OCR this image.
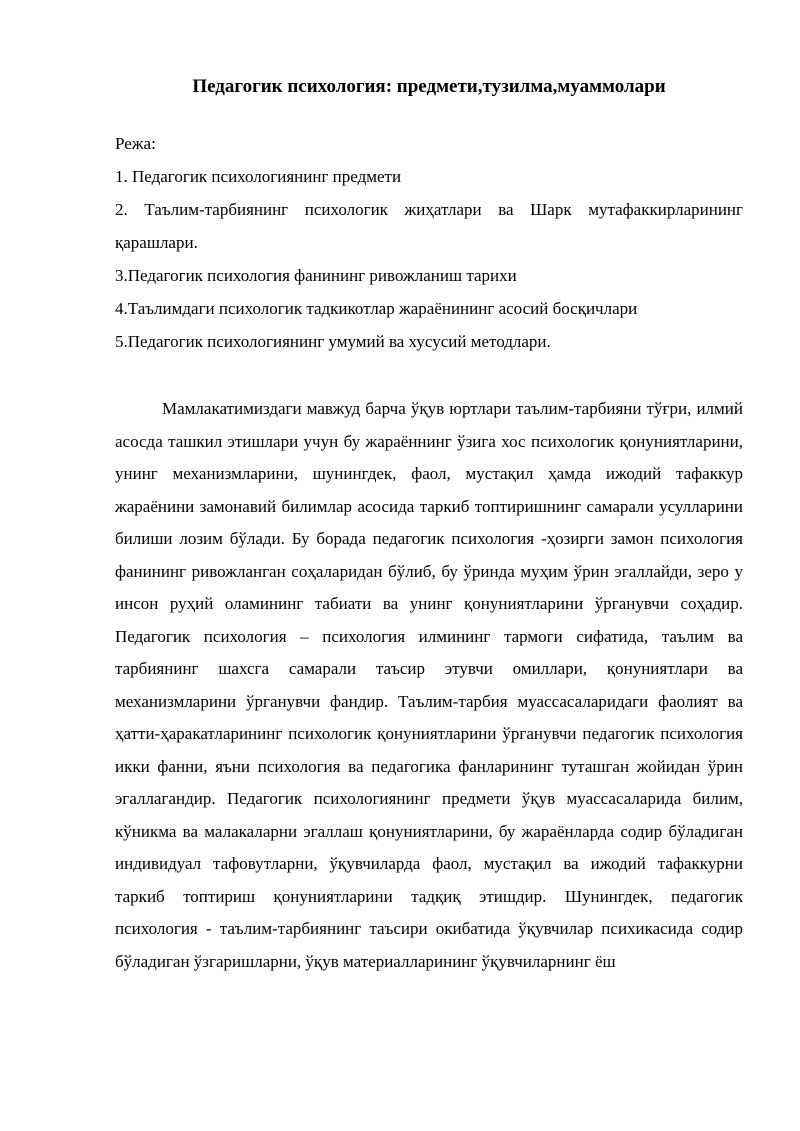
Педагогик психология: предмети,тузилма,муаммолари

Режа:

1. Педагогик психологиянинг предмети

2. Таълим-тарбиянинг психологик жиҳатлари ва Шарк мутафаккирларининг қарашлари.

3.Педагогик психология фанининг ривожланиш тарихи

4.Таълимдаги психологик тадкикотлар жараёнининг асосий босқичлари

5.Педагогик психологиянинг умумий ва хусусий методлари.

Мамлакатимиздаги мавжуд барча ўқув юртлари таълим-тарбияни тўғри, илмий асосда ташкил этишлари учун бу жараённинг ўзига хос психологик қонуниятларини, унинг механизмларини, шунингдек, фаол, мустақил ҳамда ижодий тафаккур жараёнини замонавий билимлар асосида таркиб топтиришнинг самарали усулларини билиши лозим бўлади. Бу борада педагогик психология -ҳозирги замон психология фанининг ривожланган соҳаларидан бўлиб, бу ўринда муҳим ўрин эгаллайди, зеро у инсон руҳий оламининг табиати ва унинг қонуниятларини ўрганувчи соҳадир. Педагогик психология – психология илмининг тармоги сифатида, таълим ва тарбиянинг шахсга самарали таъсир этувчи омиллари, қонуниятлари ва механизмларини ўрганувчи фандир. Таълим-тарбия муассасаларидаги фаолият ва ҳатти-ҳаракатларининг психологик қонуниятларини ўрганувчи педагогик психология икки фанни, яъни психология ва педагогика фанларининг туташган жойидан ўрин эгаллагандир. Педагогик психологиянинг предмети ўқув муассасаларида билим, кўникма ва малакаларни эгаллаш қонуниятларини, бу жараёнларда содир бўладиган индивидуал тафовутларни, ўқувчиларда фаол, мустақил ва ижодий тафаккурни таркиб топтириш қонуниятларини тадқиқ этишдир. Шунингдек, педагогик психология - таълим-тарбиянинг таъсири окибатида ўқувчилар психикасида содир бўладиган ўзгаришларни, ўқув материалларининг ўқувчиларнинг ёш
